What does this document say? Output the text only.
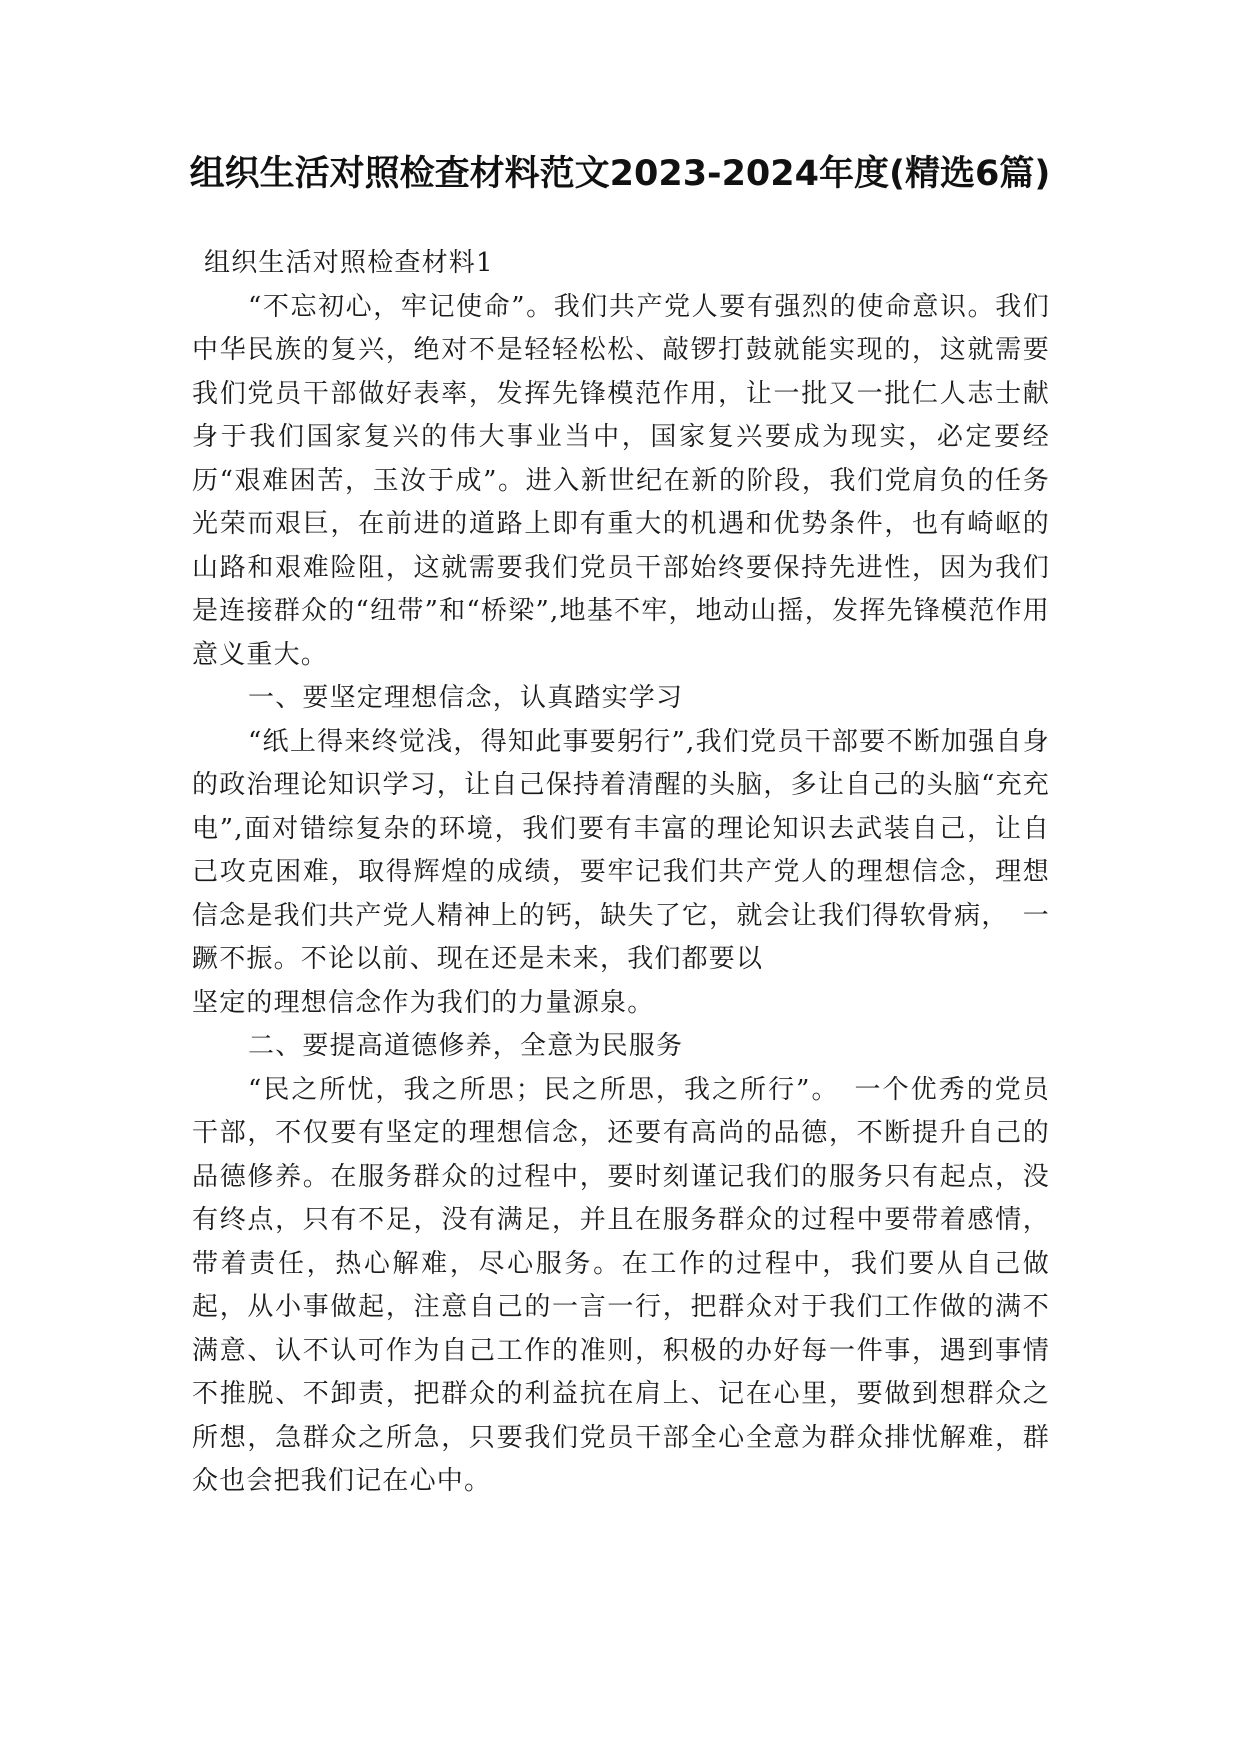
组织生活对照检查材料范文2023-2024年度(精选6篇)

组织生活对照检查材料1

“不忘初心，牢记使命”。我们共产党人要有强烈的使命意识。我们中华民族的复兴，绝对不是轻轻松松、敲锣打鼓就能实现的，这就需要我们党员干部做好表率，发挥先锋模范作用，让一批又一批仁人志士献身于我们国家复兴的伟大事业当中，国家复兴要成为现实，必定要经历“艰难困苦，玉汝于成”。进入新世纪在新的阶段，我们党肩负的任务光荣而艰巨，在前进的道路上即有重大的机遇和优势条件，也有崎岖的山路和艰难险阻，这就需要我们党员干部始终要保持先进性，因为我们是连接群众的“纽带”和“桥梁”,地基不牢，地动山摇，发挥先锋模范作用意义重大。

一、要坚定理想信念，认真踏实学习

“纸上得来终觉浅，得知此事要躬行”,我们党员干部要不断加强自身的政治理论知识学习，让自己保持着清醒的头脑，多让自己的头脑“充充电”,面对错综复杂的环境，我们要有丰富的理论知识去武装自己，让自己攻克困难，取得辉煌的成绩，要牢记我们共产党人的理想信念，理想信念是我们共产党人精神上的钙，缺失了它，就会让我们得软骨病，　一蹶不振。不论以前、现在还是未来，我们都要以

坚定的理想信念作为我们的力量源泉。

二、要提高道德修养，全意为民服务

“民之所忧，我之所思；民之所思，我之所行”。　一个优秀的党员干部，不仅要有坚定的理想信念，还要有高尚的品德，不断提升自己的品德修养。在服务群众的过程中，要时刻谨记我们的服务只有起点，没有终点，只有不足，没有满足，并且在服务群众的过程中要带着感情，带着责任，热心解难，尽心服务。在工作的过程中，我们要从自己做起，从小事做起，注意自己的一言一行，把群众对于我们工作做的满不满意、认不认可作为自己工作的准则，积极的办好每一件事，遇到事情不推脱、不卸责，把群众的利益抗在肩上、记在心里，要做到想群众之所想，急群众之所急，只要我们党员干部全心全意为群众排忧解难，群众也会把我们记在心中。
